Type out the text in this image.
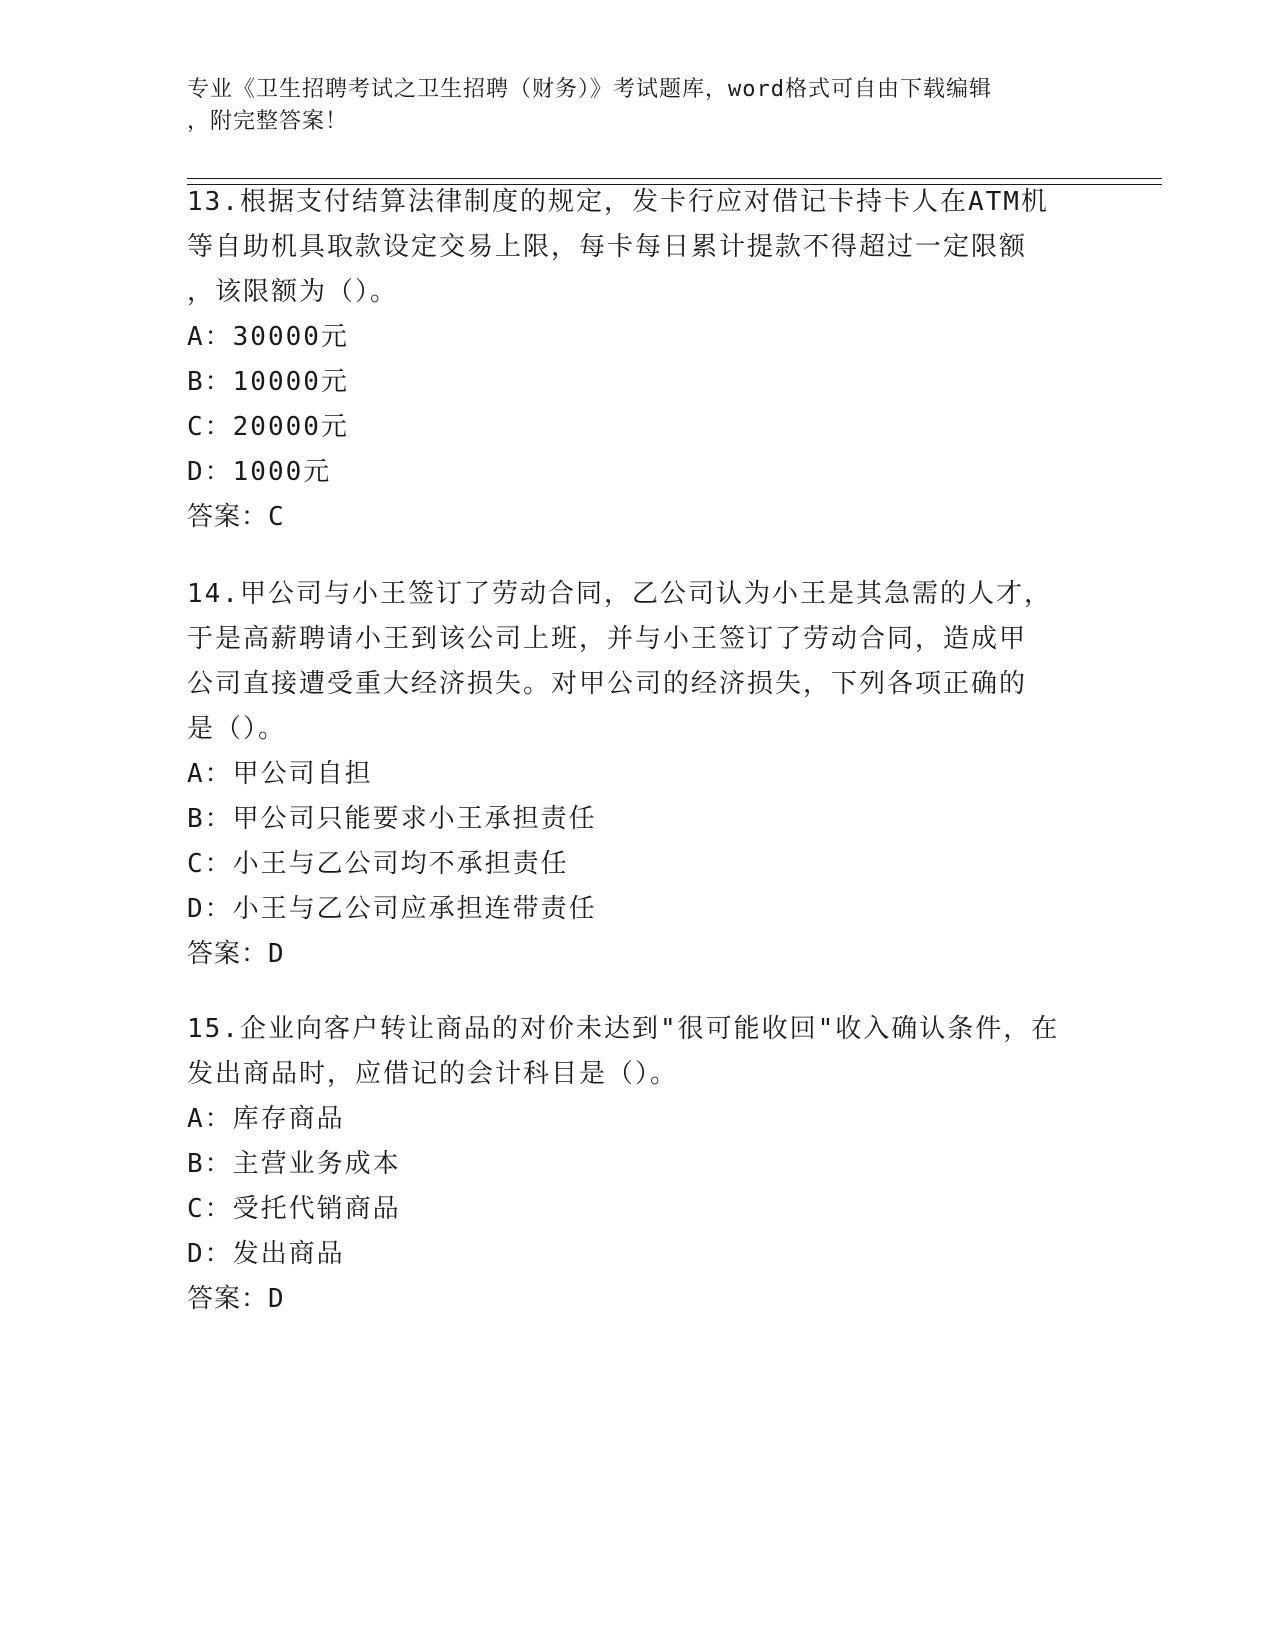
专业《卫生招聘考试之卫生招聘（财务）》考试题库，word格式可自由下载编辑
，附完整答案！
13.根据支付结算法律制度的规定，发卡行应对借记卡持卡人在ATM机
等自助机具取款设定交易上限，每卡每日累计提款不得超过一定限额
，该限额为（）。
A：30000元
B：10000元
C：20000元
D：1000元
答案：C
14.甲公司与小王签订了劳动合同，乙公司认为小王是其急需的人才，
于是高薪聘请小王到该公司上班，并与小王签订了劳动合同，造成甲
公司直接遭受重大经济损失。对甲公司的经济损失，下列各项正确的
是（）。
A：甲公司自担
B：甲公司只能要求小王承担责任
C：小王与乙公司均不承担责任
D：小王与乙公司应承担连带责任
答案：D
15.企业向客户转让商品的对价未达到"很可能收回"收入确认条件，在
发出商品时，应借记的会计科目是（）。
A：库存商品
B：主营业务成本
C：受托代销商品
D：发出商品
答案：D
